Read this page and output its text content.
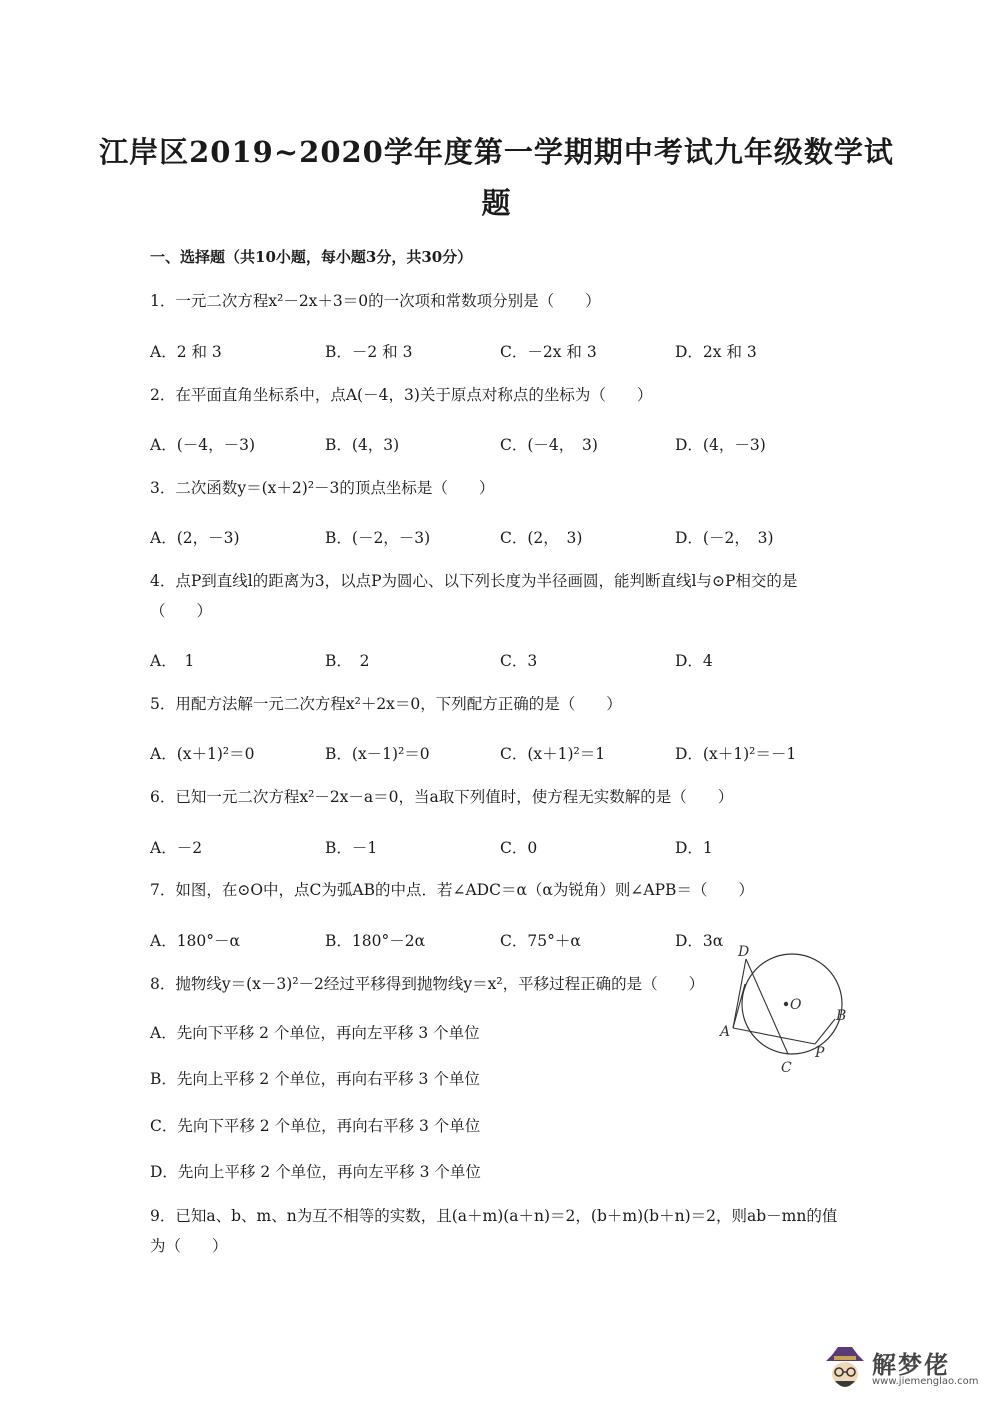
江岸区2019~2020学年度第一学期期中考试九年级数学试
题
一、选择题（共10小题，每小题3分，共30分）
1．一元二次方程x²－2x＋3＝0的一次项和常数项分别是（　　）
A．2 和 3	B．－2 和 3	C．－2x 和 3	D．2x 和 3
2．在平面直角坐标系中，点A(－4，3)关于原点对称点的坐标为（　　）
A．(－4，－3)	B．(4，3)	C．(－4，　3)	D．(4，－3)
3．二次函数y＝(x＋2)²－3的顶点坐标是（　　）
A．(2，－3)	B．(－2，－3)	C．(2，　3)	D．(－2，　3)
4．点P到直线l的距离为3，以点P为圆心、以下列长度为半径画圆，能判断直线l与⊙P相交的是（　　）
A．　1	B．　2	C．3	D．4
5．用配方法解一元二次方程x²＋2x＝0，下列配方正确的是（　　）
A．(x＋1)²＝0	B．(x－1)²＝0	C．(x＋1)²＝1	D．(x＋1)²＝－1
6．已知一元二次方程x²－2x－a＝0，当a取下列值时，使方程无实数解的是（　　）
A．－2	B．－1	C．0	D．1
7．如图，在⊙O中，点C为弧AB的中点．若∠ADC＝α（α为锐角）则∠APB＝（　　）
A．180°－α	B．180°－2α	C．75°＋α	D．3α
8．抛物线y＝(x－3)²－2经过平移得到抛物线y＝x²，平移过程正确的是（　　）
A．先向下平移 2 个单位，再向左平移 3 个单位
B．先向上平移 2 个单位，再向右平移 3 个单位
C．先向下平移 2 个单位，再向右平移 3 个单位
D．先向上平移 2 个单位，再向左平移 3 个单位
D
O
A
B
C
P
9．已知a、b、m、n为互不相等的实数，且(a＋m)(a＋n)＝2，(b＋m)(b＋n)＝2，则ab－mn的值为（　　）
解梦佬
www.jiemenglao.com
